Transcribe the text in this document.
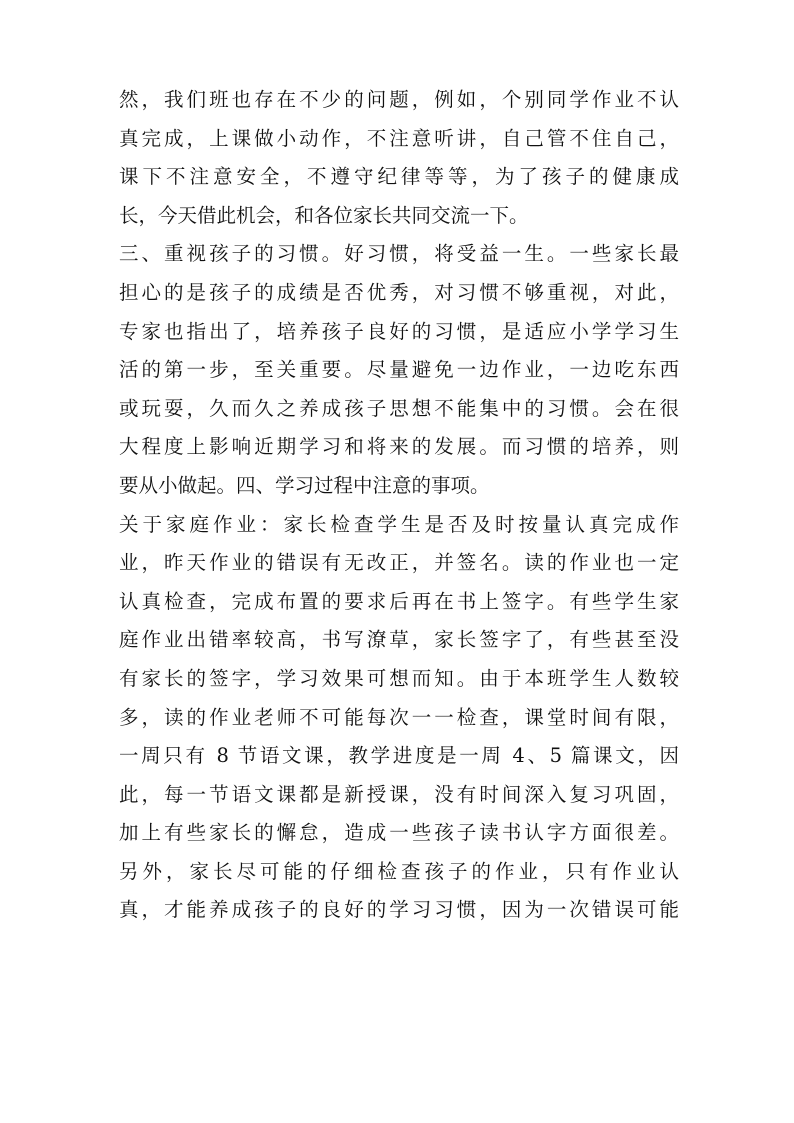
然，我们班也存在不少的问题，例如，个别同学作业不认
真完成，上课做小动作，不注意听讲，自己管不住自己，
课下不注意安全，不遵守纪律等等，为了孩子的健康成
长，今天借此机会，和各位家长共同交流一下。
三、重视孩子的习惯。好习惯，将受益一生。一些家长最
担心的是孩子的成绩是否优秀，对习惯不够重视，对此，
专家也指出了，培养孩子良好的习惯，是适应小学学习生
活的第一步，至关重要。尽量避免一边作业，一边吃东西
或玩耍，久而久之养成孩子思想不能集中的习惯。会在很
大程度上影响近期学习和将来的发展。而习惯的培养，则
要从小做起。四、学习过程中注意的事项。
关于家庭作业：家长检查学生是否及时按量认真完成作
业，昨天作业的错误有无改正，并签名。读的作业也一定
认真检查，完成布置的要求后再在书上签字。有些学生家
庭作业出错率较高，书写潦草，家长签字了，有些甚至没
有家长的签字，学习效果可想而知。由于本班学生人数较
多，读的作业老师不可能每次一一检查，课堂时间有限，
一周只有 8 节语文课，教学进度是一周 4、5 篇课文，因
此，每一节语文课都是新授课，没有时间深入复习巩固，
加上有些家长的懈怠，造成一些孩子读书认字方面很差。
另外，家长尽可能的仔细检查孩子的作业，只有作业认
真，才能养成孩子的良好的学习习惯，因为一次错误可能
